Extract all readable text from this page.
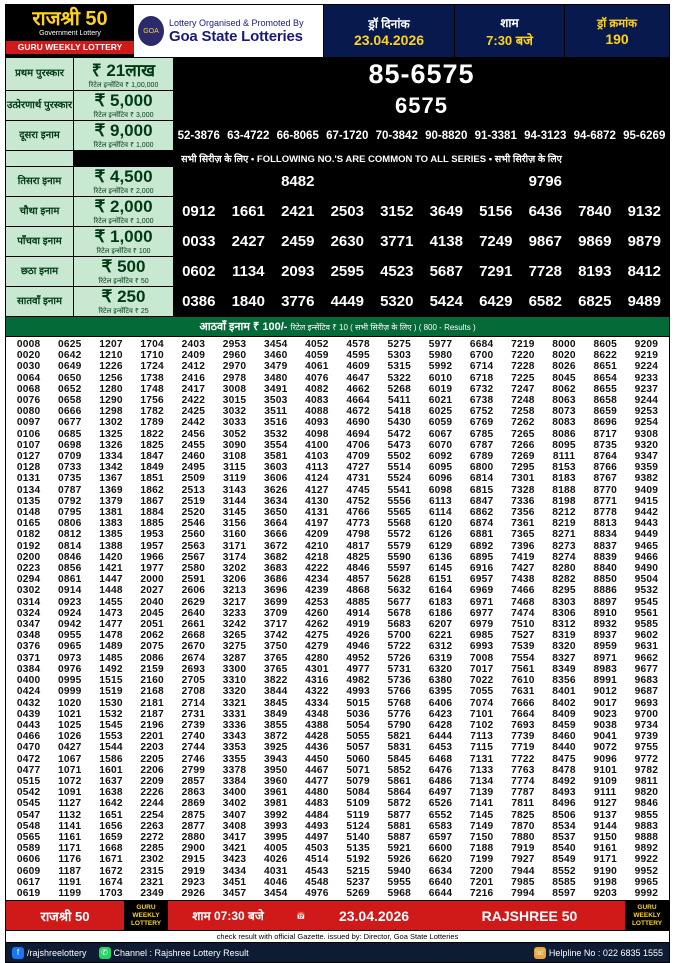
राजश्री 50
Government Lottery
GURU WEEKLY LOTTERY
GOA
Lottery Organised & Promoted By
Goa State Lotteries
ड्रॉ दिनांक
23.04.2026
शाम
7:30 बजे
ड्रॉ क्रमांक
190
प्रथम पुरस्कार	₹ 21लाख
रिटेल इन्सेंटिव ₹ 1,00,000	85-6575
उत्प्रेरणार्थ पुरस्कार ₹ 5,000
रिटेल इन्सेंटिव ₹ 3,000	6575
दूसरा इनाम	₹ 9,000
रिटेल इन्सेंटिव ₹ 1,000
52-3876 63-4722 66-8065 67-1720 70-3842 90-8820 91-3381 94-3123 94-6872 95-6269
सभी सिरीज़ के लिए • FOLLOWING NO.'S ARE COMMON TO ALL SERIES • सभी सिरीज़ के लिए
तिसरा इनाम	₹ 4,500
रिटेल इन्सेंटिव ₹ 2,000
8482	9796
चौथा इनाम	₹ 2,000
रिटेल इन्सेंटिव ₹ 1,000
0912	1661	2421	2503	3152	3649	5156	6436	7840	9132
पाँचवा इनाम	₹ 1,000
रिटेल इन्सेंटिव ₹ 100
0033	2427	2459	2630	3771	4138	7249	9867	9869	9879
छठा इनाम	₹ 500
रिटेल इन्सेंटिव ₹ 50
0602	1134	2093	2595	4523	5687	7291	7728	8193	8412
सातवाँ इनाम	₹ 250
रिटेल इन्सेंटिव ₹ 25
0386	1840	3776	4449	5320	5424	6429	6582	6825	9489
आठवाँ इनाम ₹ 100/- रिटेल इन्सेंटिव ₹ 10 ( सभी सिरीज़ के लिए ) ( 800 - Results )
0008	0625	1207	1704	2403	2953	3454	4052	4578	5275	5977	6684	7219	8000	8605	9209
0020	0642	1210	1710	2409	2960	3460	4059	4595	5303	5980	6700	7220	8020	8622	9219
0030	0649	1226	1724	2412	2970	3479	4061	4609	5315	5992	6714	7228	8026	8651	9224
0064	0650	1256	1738	2416	2978	3480	4076	4647	5322	6010	6718	7225	8045	8654	9233
0068	0652	1280	1748	2417	3008	3491	4082	4662	5268	6019	6732	7247	8062	8655	9237
0076	0658	1290	1756	2422	3015	3503	4083	4664	5411	6021	6738	7248	8063	8658	9244
0080	0666	1298	1782	2425	3032	3511	4088	4672	5418	6025	6752	7258	8073	8659	9253
0097	0677	1302	1789	2442	3033	3516	4093	4690	5430	6059	6769	7262	8083	8696	9254
0106	0685	1325	1822	2456	3052	3532	4098	4694	5472	6067	6785	7265	8086	8717	9308
0107	0698	1326	1825	2455	3090	3554	4100	4706	5473	6070	6787	7266	8095	8735	9320
0127	0709	1334	1847	2460	3108	3581	4103	4709	5502	6092	6789	7269	8111	8764	9347
0128	0733	1342	1849	2495	3115	3603	4113	4727	5514	6095	6800	7295	8153	8766	9359
0131	0735	1367	1851	2509	3119	3606	4124	4731	5524	6096	6814	7301	8183	8767	9382
0134	0787	1369	1862	2513	3143	3626	4127	4745	5541	6098	6815	7328	8188	8770	9409
0135	0792	1379	1867	2519	3144	3634	4130	4752	5556	6113	6847	7336	8198	8771	9415
0148	0795	1381	1884	2520	3145	3650	4131	4766	5565	6114	6862	7356	8212	8778	9442
0165	0806	1383	1885	2546	3156	3664	4197	4773	5568	6120	6874	7361	8219	8813	9443
0182	0812	1385	1953	2560	3160	3666	4209	4798	5572	6126	6881	7365	8271	8834	9449
0192	0814	1388	1957	2563	3171	3672	4210	4817	5579	6129	6892	7396	8273	8837	9465
0200	0846	1420	1966	2567	3174	3682	4218	4825	5590	6136	6895	7419	8274	8839	9466
0223	0856	1421	1977	2580	3202	3683	4222	4846	5597	6145	6916	7427	8280	8840	9490
0294	0861	1447	2000	2591	3206	3686	4234	4857	5628	6151	6957	7438	8282	8850	9504
0302	0914	1448	2027	2606	3213	3696	4239	4868	5632	6164	6969	7466	8295	8886	9532
0314	0923	1455	2040	2629	3217	3699	4253	4885	5677	6183	6971	7468	8303	8897	9545
0324	0924	1473	2045	2640	3233	3709	4260	4914	5678	6186	6977	7474	8306	8910	9561
0347	0942	1477	2051	2661	3242	3717	4262	4919	5683	6207	6979	7510	8312	8932	9585
0348	0955	1478	2062	2668	3265	3742	4275	4926	5700	6221	6985	7527	8319	8937	9602
0376	0965	1489	2075	2670	3275	3750	4279	4946	5722	6312	6993	7539	8320	8959	9631
0371	0973	1485	2086	2674	3287	3765	4280	4952	5726	6319	7008	7554	8327	8971	9662
0384	0976	1492	2159	2693	3300	3765	4301	4977	5731	6320	7017	7561	8349	8983	9677
0400	0995	1515	2160	2705	3310	3822	4316	4982	5736	6380	7022	7610	8356	8991	9683
0424	0999	1519	2168	2708	3320	3844	4322	4993	5766	6395	7055	7631	8401	9012	9687
0432	1020	1530	2181	2714	3321	3845	4334	5015	5768	6406	7074	7666	8402	9017	9693
0439	1021	1532	2187	2731	3331	3849	4348	5036	5776	6423	7101	7664	8409	9023	9700
0443	1025	1545	2196	2739	3336	3855	4388	5054	5790	6428	7102	7693	8459	9038	9734
0466	1026	1553	2201	2740	3343	3872	4428	5055	5821	6444	7113	7739	8460	9041	9739
0470	0427	1544	2203	2744	3353	3925	4436	5057	5831	6453	7115	7719	8440	9072	9755
0472	1067	1586	2205	2746	3355	3943	4450	5060	5845	6468	7131	7722	8475	9096	9772
0477	1071	1601	2206	2799	3378	3950	4467	5071	5852	6476	7133	7763	8478	9101	9782
0515	1072	1637	2209	2857	3384	3960	4477	5079	5861	6486	7134	7774	8492	9109	9811
0542	1091	1638	2226	2863	3400	3961	4480	5084	5864	6497	7139	7787	8493	9111	9820
0545	1127	1642	2244	2869	3402	3981	4483	5109	5872	6526	7141	7811	8496	9127	9846
0547	1132	1651	2254	2875	3407	3992	4484	5119	5877	6552	7145	7825	8506	9137	9855
0548	1141	1656	2263	2877	3408	3993	4493	5124	5881	6583	7149	7870	8534	9144	9883
0565	1161	1659	2272	2880	3417	3995	4497	5140	5887	6597	7150	7880	8537	9150	9888
0589	1171	1668	2285	2900	3421	4005	4503	5135	5921	6600	7188	7919	8540	9161	9892
0606	1176	1671	2302	2915	3423	4026	4514	5192	5926	6620	7199	7927	8549	9171	9922
0609	1187	1672	2315	2919	3434	4031	4543	5215	5940	6634	7200	7944	8552	9190	9952
0617	1191	1674	2321	2923	3451	4046	4548	5237	5955	6640	7201	7985	8585	9198	9965
0619	1199	1703	2349	2926	3457	3454	4976	5269	5968	6644	7216	7994	8597	9203	9992
राजश्री 50
GURU WEEKLY LOTTERY	शाम 07:30 बजे	📅	23.04.2026	RAJSHREE 50
GURU WEEKLY LOTTERY
check result with official Gazette. issued by: Director, Goa State Lotteries
f /rajshreelottery	✆ Channel : Rajshree Lottery Result	☏ Helpline No : 022 6835 1555
